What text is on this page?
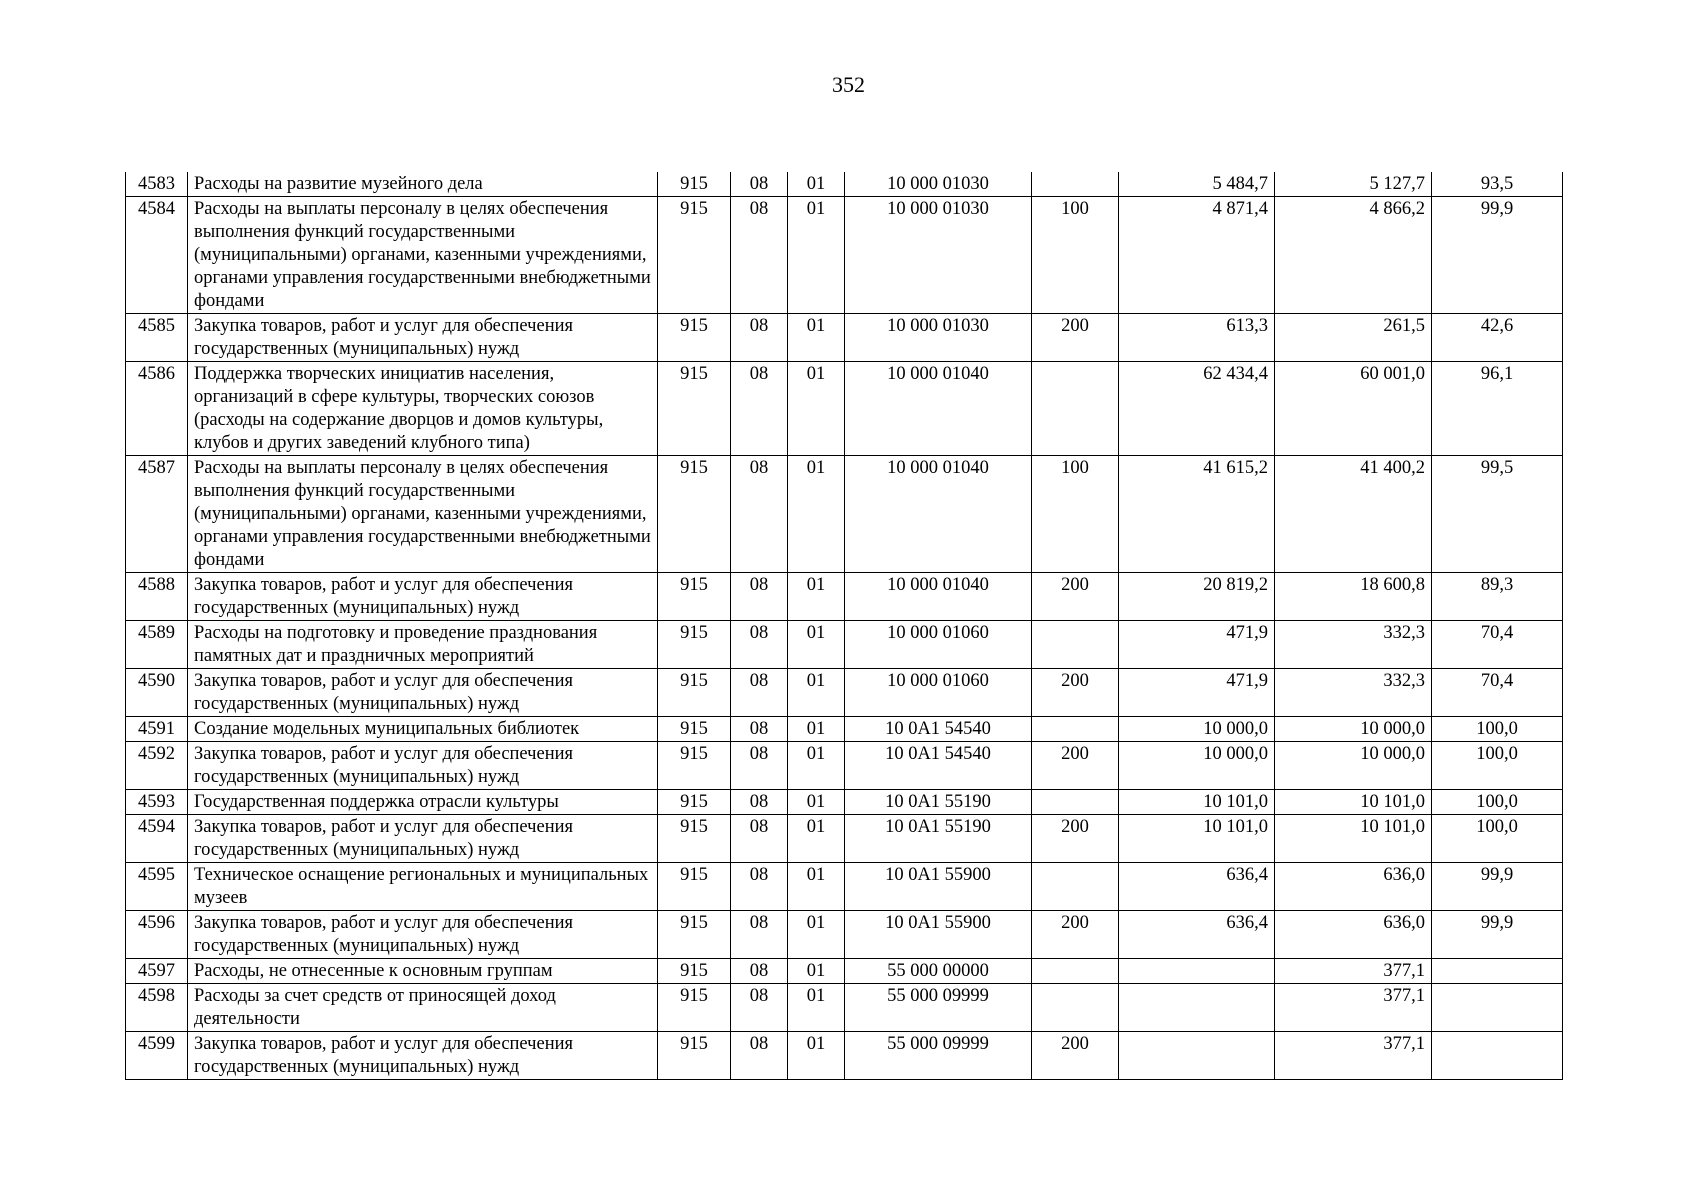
352
4583	Расходы на развитие музейного дела	915	08	01	10 000 01030		5 484,7	5 127,7	93,5
4584	Расходы на выплаты персоналу в целях обеспечения выполнения функций государственными (муниципальными) органами, казенными учреждениями, органами управления государственными внебюджетными фондами	915	08	01	10 000 01030	100	4 871,4	4 866,2	99,9
4585	Закупка товаров, работ и услуг для обеспечения государственных (муниципальных) нужд	915	08	01	10 000 01030	200	613,3	261,5	42,6
4586	Поддержка творческих инициатив населения, организаций в сфере культуры, творческих союзов (расходы на содержание дворцов и домов культуры, клубов и других заведений клубного типа)	915	08	01	10 000 01040		62 434,4	60 001,0	96,1
4587	Расходы на выплаты персоналу в целях обеспечения выполнения функций государственными (муниципальными) органами, казенными учреждениями, органами управления государственными внебюджетными фондами	915	08	01	10 000 01040	100	41 615,2	41 400,2	99,5
4588	Закупка товаров, работ и услуг для обеспечения государственных (муниципальных) нужд	915	08	01	10 000 01040	200	20 819,2	18 600,8	89,3
4589	Расходы на подготовку и проведение празднования памятных дат и праздничных мероприятий	915	08	01	10 000 01060		471,9	332,3	70,4
4590	Закупка товаров, работ и услуг для обеспечения государственных (муниципальных) нужд	915	08	01	10 000 01060	200	471,9	332,3	70,4
4591	Создание модельных муниципальных библиотек	915	08	01	10 0A1 54540		10 000,0	10 000,0	100,0
4592	Закупка товаров, работ и услуг для обеспечения государственных (муниципальных) нужд	915	08	01	10 0A1 54540	200	10 000,0	10 000,0	100,0
4593	Государственная поддержка отрасли культуры	915	08	01	10 0A1 55190		10 101,0	10 101,0	100,0
4594	Закупка товаров, работ и услуг для обеспечения государственных (муниципальных) нужд	915	08	01	10 0A1 55190	200	10 101,0	10 101,0	100,0
4595	Техническое оснащение региональных и муниципальных музеев	915	08	01	10 0A1 55900		636,4	636,0	99,9
4596	Закупка товаров, работ и услуг для обеспечения государственных (муниципальных) нужд	915	08	01	10 0A1 55900	200	636,4	636,0	99,9
4597	Расходы, не отнесенные к основным группам	915	08	01	55 000 00000			377,1	
4598	Расходы за счет средств от приносящей доход деятельности	915	08	01	55 000 09999			377,1	
4599	Закупка товаров, работ и услуг для обеспечения государственных (муниципальных) нужд	915	08	01	55 000 09999	200		377,1	
